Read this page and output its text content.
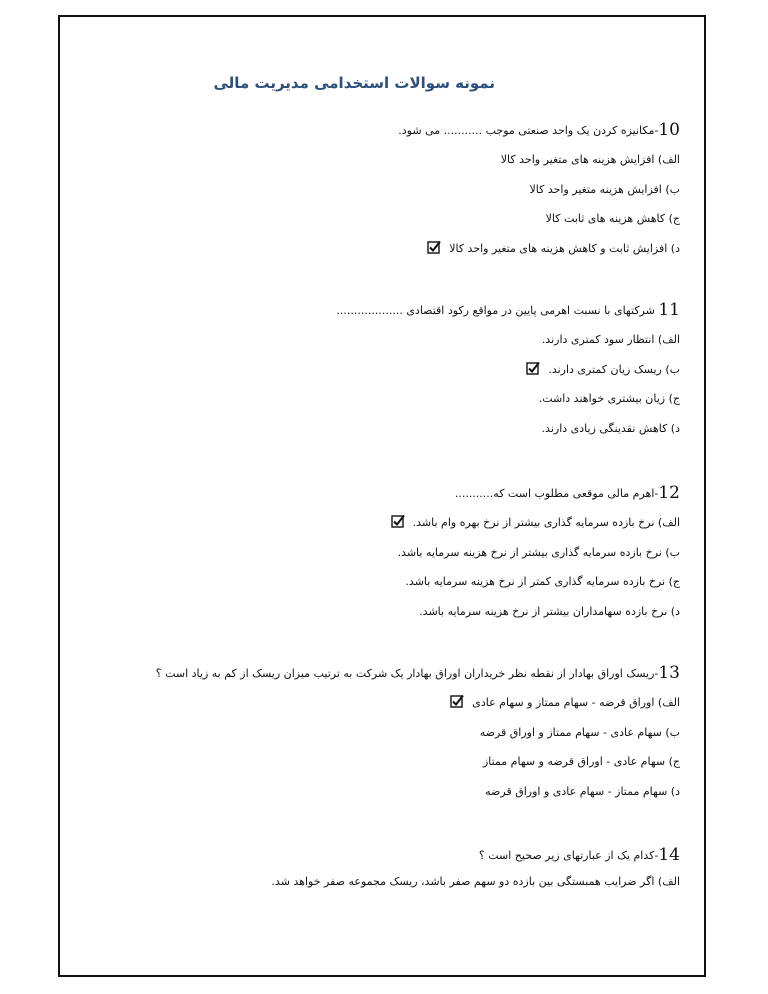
نمونه سوالات استخدامی مدیریت مالی
10-مکانیزه کردن یک واحد صنعتی موجب ........... می شود.
الف) افزایش هزینه های متغیر واحد کالا
ب) افزایش هزینه متغیر واحد کالا
ج) کاهش هزینه های ثابت کالا
د) افزایش ثابت و کاهش هزینه های متغیر واحد کالا
11 شرکتهای با نسبت اهرمی پایین در مواقع رکود اقتصادی ...................
الف) انتظار سود کمتری دارند.
ب) ریسک زیان کمتری دارند.
ج) زیان بیشتری خواهند داشت.
د) کاهش نقدینگی زیادی دارند.
12-اهرم مالی موقعی مطلوب است که...........
الف) نرخ بازده سرمایه گذاری بیشتر از نرخ بهره وام باشد.
ب) نرخ بازده سرمایه گذاری بیشتر از نرخ هزینه سرمایه باشد.
ج) نرخ بازده سرمایه گذاری کمتر از نرخ هزینه سرمایه باشد.
د) نرخ بازده سهامداران بیشتر از نرخ هزینه سرمایه باشد.
13-ریسک اوراق بهادار از نقطه نظر خریداران اوراق بهادار یک شرکت به ترتیب میزان ریسک از کم به زیاد است ؟
الف) اوراق قرضه - سهام ممتاز و سهام عادی
ب) سهام عادی - سهام ممتاز و اوراق قرضه
ج) سهام عادی - اوراق قرضه و سهام ممتاز
د) سهام ممتاز - سهام عادی و اوراق قرضه
14-کدام یک از عبارتهای زیر صحیح است ؟
الف) اگر ضرایب همبستگی بین بازده دو سهم صفر باشد، ریسک مجموعه صفر خواهد شد.
